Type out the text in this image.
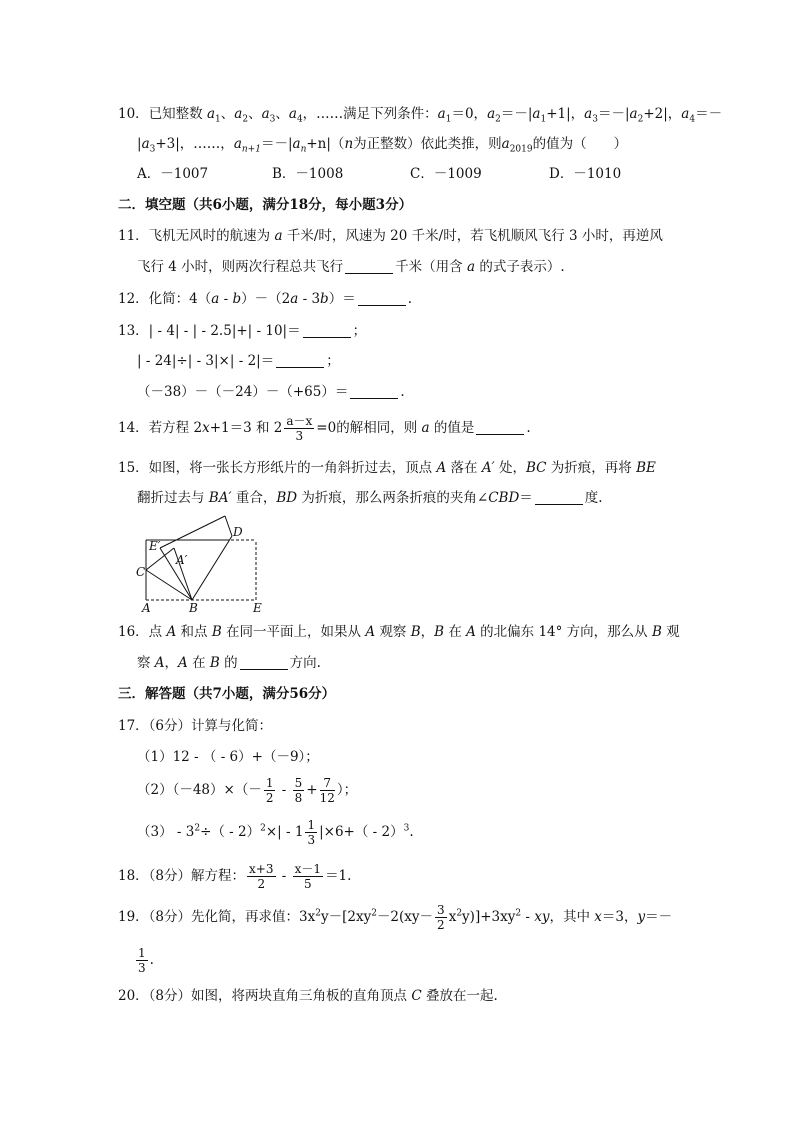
10．已知整数 $a_1$、$a_2$、$a_3$、$a_4$，……满足下列条件：$a_1=0$，$a_2=-|a_1+1|$，$a_3=-|a_2+2|$，$a_4=-$
$|a_3+3|$，……，$a_{n+1}=-|a_n+n|(n$为正整数）依此类推，则$a_{2019}$的值为（　　）
A．－1007	B．－1008	C．－1009	D．－1010
二．填空题（共6小题，满分18分，每小题3分）
11．飞机无风时的航速为 a 千米/时，风速为 20 千米/时，若飞机顺风飞行 3 小时，再逆风
飞行 4 小时，则两次行程总共飞行	千米（用含 a 的式子表示）.
12．化简：4（a - b）－（2a - 3b）＝	.
13．| - 4| - | - 2.5|+| - 10|＝	；
| - 24|÷| - 3|×| - 2|＝	；
（－38）－（－24）－（+65）＝	.
14．若方程 2x+1＝3 和 $2 \frac{a-x}{3} =0$的解相同，则 a 的值是	.
15．如图，将一张长方形纸片的一角斜折过去，顶点 A 落在 A′ 处，BC 为折痕，再将 BE
翻折过去与 BA′ 重合，BD 为折痕，那么两条折痕的夹角∠CBD＝	度.
D
E′
A′
C
A	B	E
16．点 A 和点 B 在同一平面上，如果从 A 观察 B，B 在 A 的北偏东 14° 方向，那么从 B 观
察 A，A 在 B 的	方向.
三．解答题（共7小题，满分56分）
17．（6分）计算与化简：
（1）12 - （ - 6）+（－9）；
$(2)(-48)\times(- \frac{1}{2} - \frac{5}{8} + \frac{7}{12}$ ）；
$(3) - 3^2\div( - 2)^2\times| - 1 \frac{1}{3} |\times 6+( - 2)^3$.
18．（8分）解方程： $\frac{x+3}{2} - \frac{x-1}{5} =1$.
19．（8分）先化简，再求值：$3x^2y-[2xy^2-2(xy- \frac{3}{2} x^2y)]+3xy^2$ - xy，其中 x＝3，y＝－
$\frac{1}{3}$ .
20．（8分）如图，将两块直角三角板的直角顶点 C 叠放在一起.
